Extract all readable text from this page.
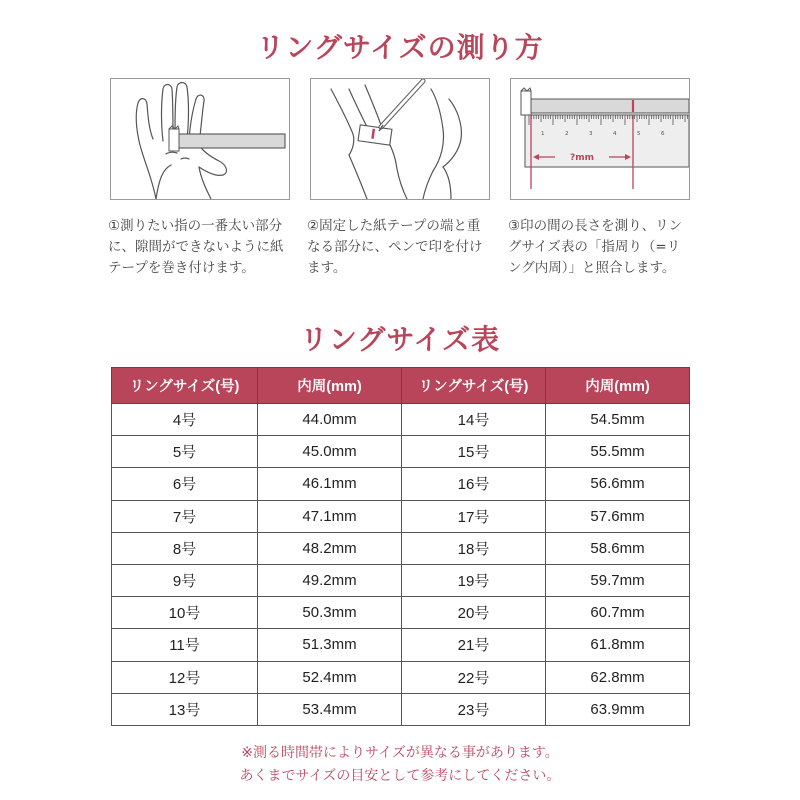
リングサイズの測り方
1	2	3	4	5	6
?mm
①測りたい指の一番太い部分に、隙間ができないように紙テープを巻き付けます。
②固定した紙テープの端と重なる部分に、ペンで印を付けます。
③印の間の長さを測り、リングサイズ表の「指周り（=リング内周）」と照合します。
リングサイズ表
リングサイズ(号)	内周(mm)	リングサイズ(号)	内周(mm)
4号	44.0mm	14号	54.5mm
5号	45.0mm	15号	55.5mm
6号	46.1mm	16号	56.6mm
7号	47.1mm	17号	57.6mm
8号	48.2mm	18号	58.6mm
9号	49.2mm	19号	59.7mm
10号	50.3mm	20号	60.7mm
11号	51.3mm	21号	61.8mm
12号	52.4mm	22号	62.8mm
13号	53.4mm	23号	63.9mm
※測る時間帯によりサイズが異なる事があります。
あくまでサイズの目安として参考にしてください。
